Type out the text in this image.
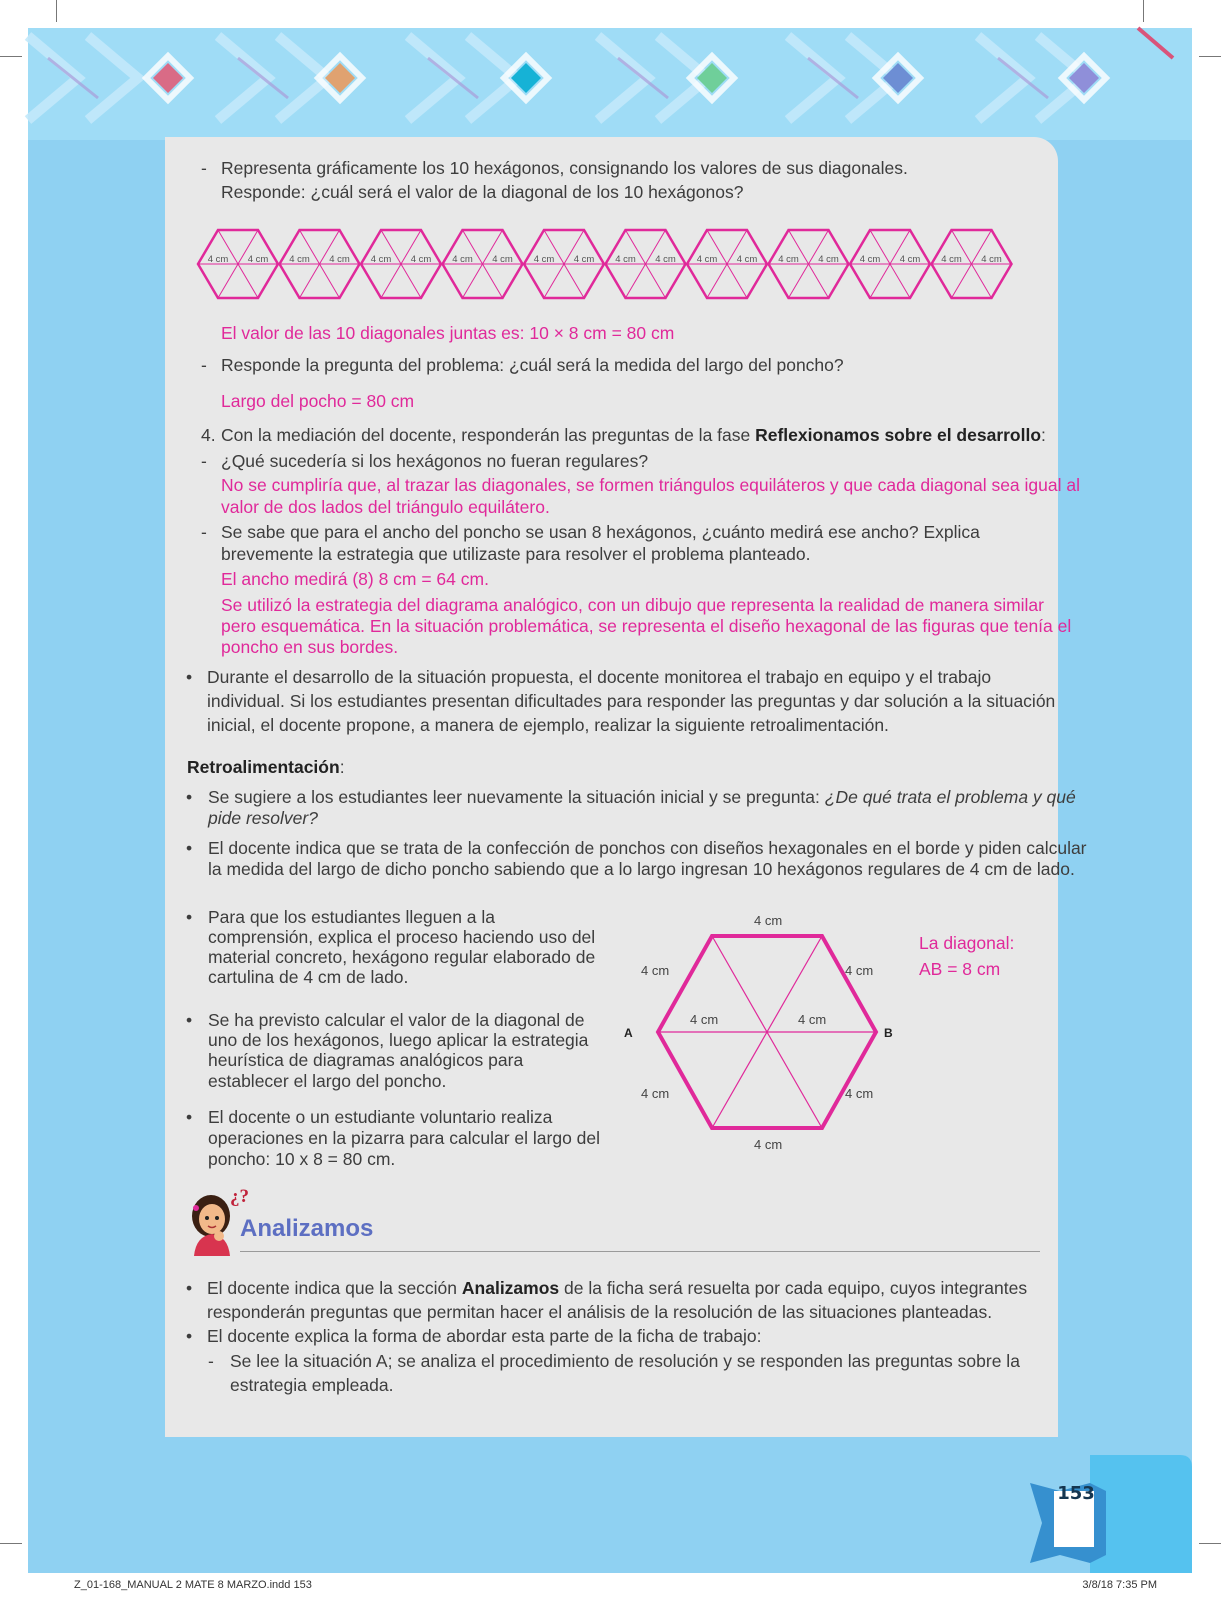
- Representa gráficamente los 10 hexágonos, consignando los valores de sus diagonales.
Responde: ¿cuál será el valor de la diagonal de los 10 hexágonos?
4 cm 4 cm 4 cm 4 cm 4 cm 4 cm 4 cm 4 cm 4 cm 4 cm 4 cm 4 cm 4 cm 4 cm 4 cm 4 cm 4 cm 4 cm 4 cm 4 cm
El valor de las 10 diagonales juntas es: 10 × 8 cm = 80 cm
- Responde la pregunta del problema: ¿cuál será la medida del largo del poncho?
Largo del pocho = 80 cm
4. Con la mediación del docente, responderán las preguntas de la fase Reflexionamos sobre el desarrollo:
- ¿Qué sucedería si los hexágonos no fueran regulares?
No se cumpliría que, al trazar las diagonales, se formen triángulos equiláteros y que cada diagonal sea igual al
valor de dos lados del triángulo equilátero.
- Se sabe que para el ancho del poncho se usan 8 hexágonos, ¿cuánto medirá ese ancho? Explica
brevemente la estrategia que utilizaste para resolver el problema planteado.
El ancho medirá (8) 8 cm = 64 cm.
Se utilizó la estrategia del diagrama analógico, con un dibujo que representa la realidad de manera similar
pero esquemática. En la situación problemática, se representa el diseño hexagonal de las figuras que tenía el
poncho en sus bordes.
• Durante el desarrollo de la situación propuesta, el docente monitorea el trabajo en equipo y el trabajo
individual. Si los estudiantes presentan dificultades para responder las preguntas y dar solución a la situación
inicial, el docente propone, a manera de ejemplo, realizar la siguiente retroalimentación.
Retroalimentación:
• Se sugiere a los estudiantes leer nuevamente la situación inicial y se pregunta: ¿De qué trata el problema y qué
pide resolver?
• El docente indica que se trata de la confección de ponchos con diseños hexagonales en el borde y piden calcular
la medida del largo de dicho poncho sabiendo que a lo largo ingresan 10 hexágonos regulares de 4 cm de lado.
• Para que los estudiantes lleguen a la
comprensión, explica el proceso haciendo uso del
material concreto, hexágono regular elaborado de
cartulina de 4 cm de lado.
• Se ha previsto calcular el valor de la diagonal de
uno de los hexágonos, luego aplicar la estrategia
heurística de diagramas analógicos para
establecer el largo del poncho.
• El docente o un estudiante voluntario realiza
operaciones en la pizarra para calcular el largo del
poncho: 10 x 8 = 80 cm.
4 cm
4 cm
4 cm	4 cm
4 cm	4 cm
4 cm	4 cm
A	B
La diagonal:
AB = 8 cm
¿?
Analizamos
• El docente indica que la sección Analizamos de la ficha será resuelta por cada equipo, cuyos integrantes
responderán preguntas que permitan hacer el análisis de la resolución de las situaciones planteadas.
• El docente explica la forma de abordar esta parte de la ficha de trabajo:
- Se lee la situación A; se analiza el procedimiento de resolución y se responden las preguntas sobre la
estrategia empleada.
153
Z_01-168_MANUAL 2 MATE 8 MARZO.indd 153	3/8/18 7:35 PM
